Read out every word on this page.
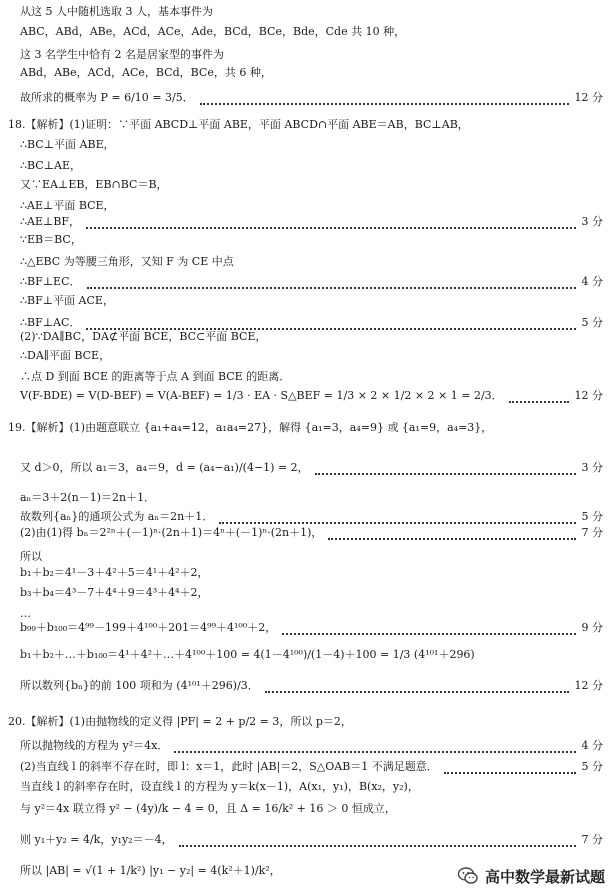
从这 5 人中随机选取 3 人，基本事件为
ABC，ABd，ABe，ACd，ACe，Ade，BCd，BCe，Bde，Cde 共 10 种，
这 3 名学生中恰有 2 名是居家型的事件为
ABd，ABe，ACd，ACe，BCd，BCe，共 6 种，
故所求的概率为 P = 6/10 = 3/5．	12 分
18.【解析】(1)证明：∵平面 ABCD⊥平面 ABE，平面 ABCD∩平面 ABE＝AB，BC⊥AB，
∴BC⊥平面 ABE，
∴BC⊥AE，
又∵EA⊥EB，EB∩BC＝B，
∴AE⊥平面 BCE，
∴AE⊥BF，	3 分
∵EB＝BC，
∴△EBC 为等腰三角形，又知 F 为 CE 中点
∴BF⊥EC．	4 分
∴BF⊥平面 ACE，
∴BF⊥AC．	5 分
(2)∵DA∥BC，DA⊄平面 BCE，BC⊂平面 BCE，
∴DA∥平面 BCE，
∴点 D 到面 BCE 的距离等于点 A 到面 BCE 的距离．
V(F-BDE) = V(D-BEF) = V(A-BEF) = 1/3 · EA · S△BEF = 1/3 × 2 × 1/2 × 2 × 1 = 2/3．	12 分
19.【解析】(1)由题意联立 {a₁+a₄=12，a₁a₄=27}，解得 {a₁=3，a₄=9} 或 {a₁=9，a₄=3}，
又 d＞0，所以 a₁＝3，a₄＝9，d = (a₄−a₁)/(4−1) = 2，	3 分
aₙ＝3＋2(n－1)＝2n＋1．
故数列{aₙ}的通项公式为 aₙ＝2n＋1．	5 分
(2)由(1)得 bₙ＝2²ⁿ＋(－1)ⁿ·(2n＋1)＝4ⁿ＋(－1)ⁿ·(2n＋1)，	7 分
所以
b₁＋b₂＝4¹－3＋4²＋5＝4¹＋4²＋2，
b₃＋b₄＝4³－7＋4⁴＋9＝4³＋4⁴＋2，
…
b₉₉＋b₁₀₀＝4⁹⁹－199＋4¹⁰⁰＋201＝4⁹⁹＋4¹⁰⁰＋2，	9 分
b₁＋b₂＋…＋b₁₀₀＝4¹＋4²＋…＋4¹⁰⁰＋100 = 4(1－4¹⁰⁰)/(1－4)＋100 = 1/3 (4¹⁰¹＋296)
所以数列{bₙ}的前 100 项和为 (4¹⁰¹＋296)/3．	12 分
20.【解析】(1)由抛物线的定义得 |PF| = 2 + p/2 = 3，所以 p＝2，
所以抛物线的方程为 y²＝4x．	4 分
(2)当直线 l 的斜率不存在时，即 l：x＝1，此时 |AB|＝2，S△OAB＝1 不满足题意．	5 分
当直线 l 的斜率存在时，设直线 l 的方程为 y＝k(x－1)，A(x₁，y₁)，B(x₂，y₂)，
与 y²＝4x 联立得 y² − (4y)/k − 4 = 0，且 Δ = 16/k² + 16 ＞ 0 恒成立，
则 y₁＋y₂ = 4/k，y₁y₂＝－4，	7 分
所以 |AB| = √(1 + 1/k²) |y₁ − y₂| = 4(k²＋1)/k²，	高中数学最新试题
